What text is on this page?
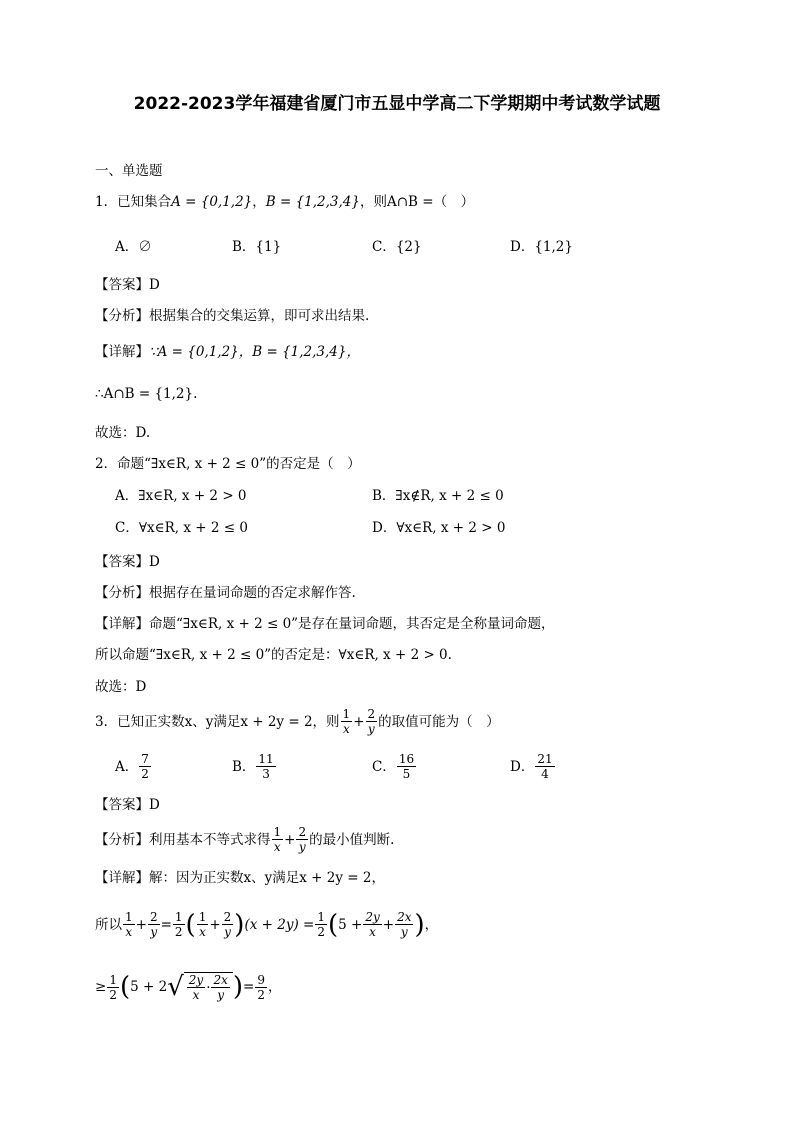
2022-2023学年福建省厦门市五显中学高二下学期期中考试数学试题
一、单选题
1．已知集合A = {0,1,2}，B = {1,2,3,4}，则A∩B =（　）
A．∅	B．{1}	C．{2}	D．{1,2}
【答案】D
【分析】根据集合的交集运算，即可求出结果.
【详解】∵A = {0,1,2}，B = {1,2,3,4}，
∴A∩B = {1,2}.
故选：D.
2．命题“∃x∈R, x + 2 ≤ 0”的否定是（　）
A．∃x∈R, x + 2 > 0	B．∃x∉R, x + 2 ≤ 0
C．∀x∈R, x + 2 ≤ 0	D．∀x∈R, x + 2 > 0
【答案】D
【分析】根据存在量词命题的否定求解作答.
【详解】命题“∃x∈R, x + 2 ≤ 0”是存在量词命题，其否定是全称量词命题，
所以命题“∃x∈R, x + 2 ≤ 0”的否定是：∀x∈R, x + 2 > 0.
故选：D
3．已知正实数x、y满足x + 2y = 2，则 $\frac{1}{x} + \frac{2}{y}$ 的取值可能为（　）
A． $\frac{7}{2}$	B． $\frac{11}{3}$	C． $\frac{16}{5}$	D． $\frac{21}{4}$
【答案】D
【分析】 利用基本不等式求得 $\frac{1}{x} + \frac{2}{y}$ 的最小值判断.
【详解】解：因为正实数x、y满足x + 2y = 2，
所以 $\frac{1}{x} + \frac{2}{y} = \frac{1}{2}$ ( $\frac{1}{x} + \frac{2}{y}$ ) $(x + 2y) = \frac{1}{2}$ ( $5 + \frac{2y}{x} + \frac{2x}{y}$ ) ，
≥ $\frac{1}{2}$ ( 5 + 2 √ $\frac{2y}{x} \cdot \frac{2x}{y}$ ) = $\frac{9}{2}$ ，
